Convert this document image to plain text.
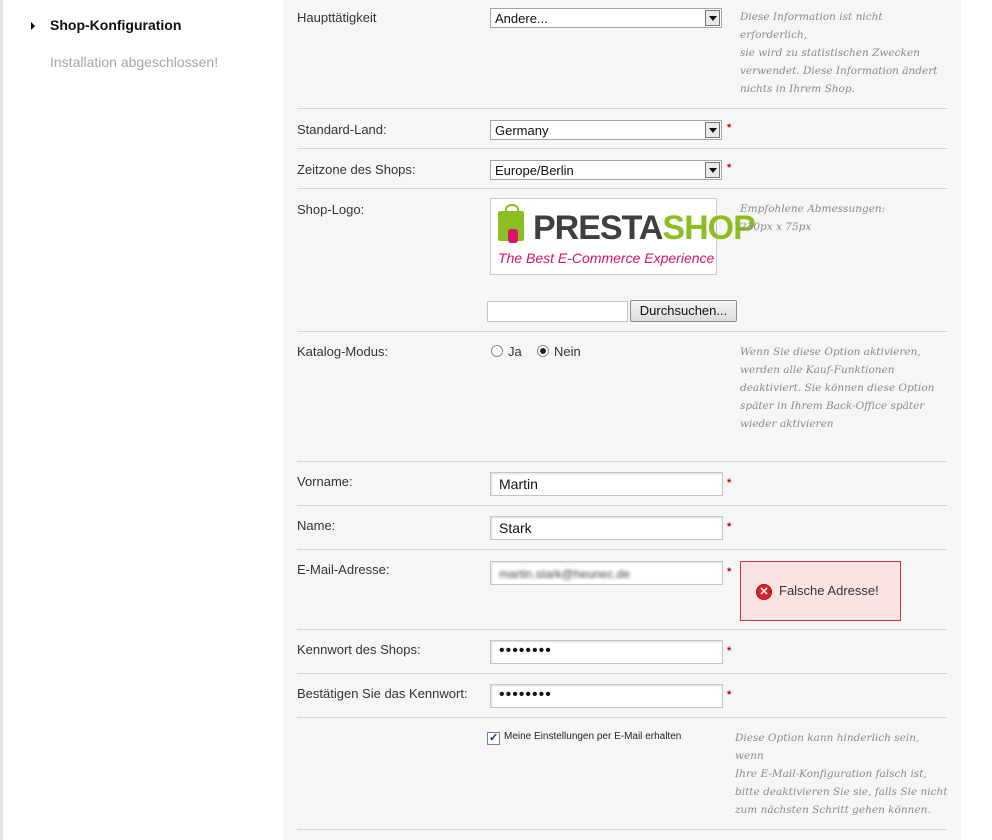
Shop-Konfiguration
Installation abgeschlossen!
Haupttätigkeit	Andere...	Diese Information ist nicht erforderlich,
sie wird zu statistischen Zwecken
verwendet. Diese Information ändert
nichts in Ihrem Shop.
Standard-Land:	Germany	*
Zeitzone des Shops:	Europe/Berlin	*
Shop-Logo:	PRESTASHOP
The Best E-Commerce Experience
Empfohlene Abmessungen:
230px x 75px
Durchsuchen...
Katalog-Modus:	Ja Nein	Wenn Sie diese Option aktivieren,
werden alle Kauf-Funktionen
deaktiviert. Sie können diese Option
später in Ihrem Back-Office später
wieder aktivieren
Vorname:	Martin	*
Name:	Stark	*
E-Mail-Adresse:	martin.stark@heunec.de	*
✕ Falsche Adresse!
Kennwort des Shops:	••••••••	*
Bestätigen Sie das Kennwort:	••••••••	*
✓
Meine Einstellungen per E-Mail erhalten	Diese Option kann hinderlich sein, wenn
Ihre E-Mail-Konfiguration falsch ist,
bitte deaktivieren Sie sie, falls Sie nicht
zum nächsten Schritt gehen können.
